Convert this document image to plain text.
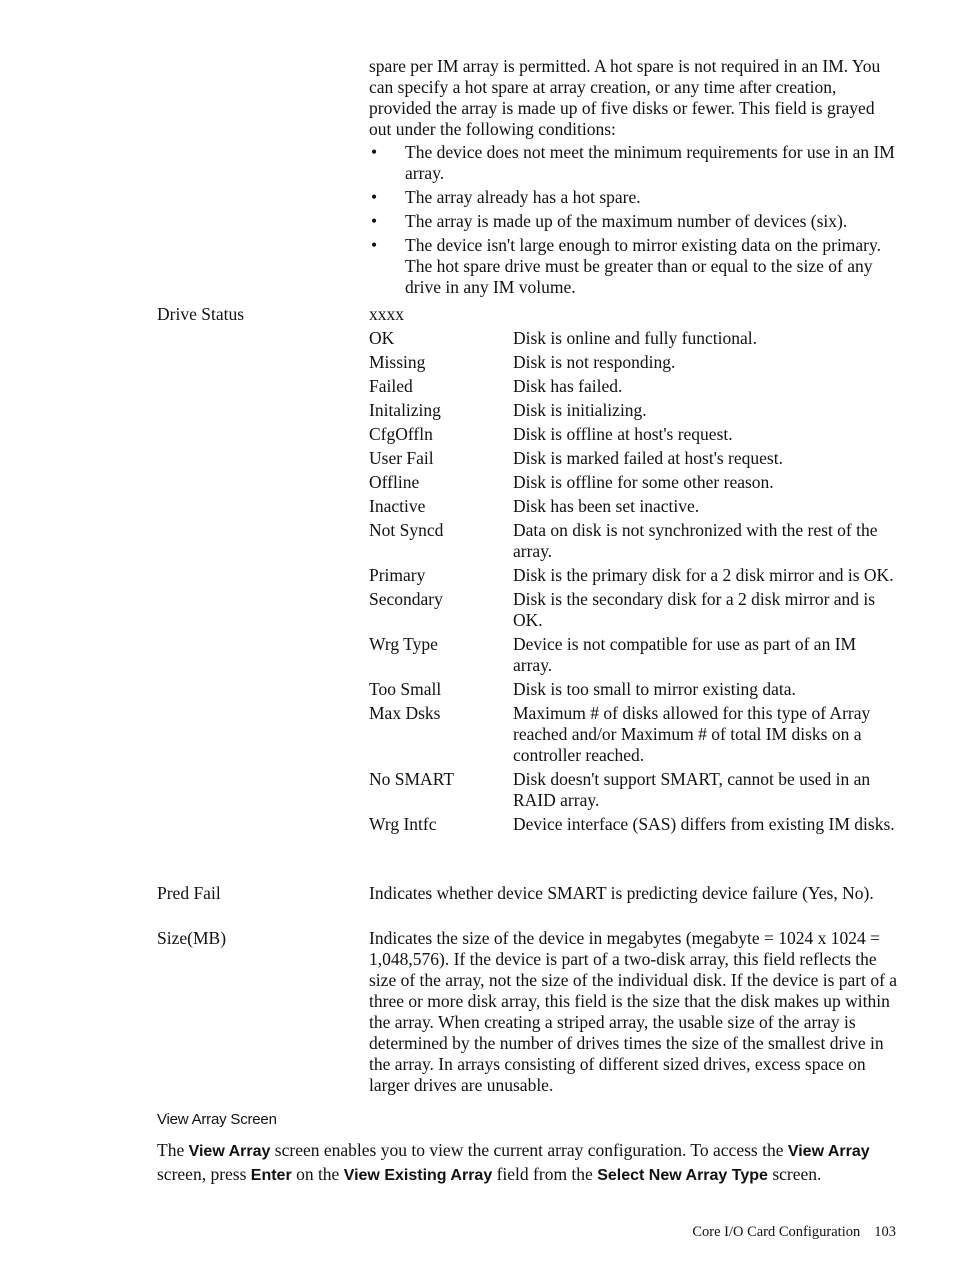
spare per IM array is permitted. A hot spare is not required in an IM. You can specify a hot spare at array creation, or any time after creation, provided the array is made up of five disks or fewer. This field is grayed out under the following conditions:

• The device does not meet the minimum requirements for use in an IM array.
• The array already has a hot spare.
• The array is made up of the maximum number of devices (six).
• The device isn't large enough to mirror existing data on the primary. The hot spare drive must be greater than or equal to the size of any drive in any IM volume.
Drive Status	xxxx	
OK	Disk is online and fully functional.
Missing	Disk is not responding.
Failed	Disk has failed.
Initalizing	Disk is initializing.
CfgOffln	Disk is offline at host's request.
User Fail	Disk is marked failed at host's request.
Offline	Disk is offline for some other reason.
Inactive	Disk has been set inactive.
Not Syncd	Data on disk is not synchronized with the rest of the array.
Primary	Disk is the primary disk for a 2 disk mirror and is OK.
Secondary	Disk is the secondary disk for a 2 disk mirror and is OK.
Wrg Type	Device is not compatible for use as part of an IM array.
Too Small	Disk is too small to mirror existing data.
Max Dsks	Maximum # of disks allowed for this type of Array reached and/or Maximum # of total IM disks on a controller reached.
No SMART	Disk doesn't support SMART, cannot be used in an RAID array.
Wrg Intfc	Device interface (SAS) differs from existing IM disks.
Pred Fail	Indicates whether device SMART is predicting device failure (Yes, No).
Size(MB)	Indicates the size of the device in megabytes (megabyte = 1024 x 1024 = 1,048,576). If the device is part of a two-disk array, this field reflects the size of the array, not the size of the individual disk. If the device is part of a three or more disk array, this field is the size that the disk makes up within the array. When creating a striped array, the usable size of the array is determined by the number of drives times the size of the smallest drive in the array. In arrays consisting of different sized drives, excess space on larger drives are unusable.
View Array Screen

The View Array screen enables you to view the current array configuration. To access the View Array screen, press Enter on the View Existing Array field from the Select New Array Type screen.

Core I/O Card Configuration 103
